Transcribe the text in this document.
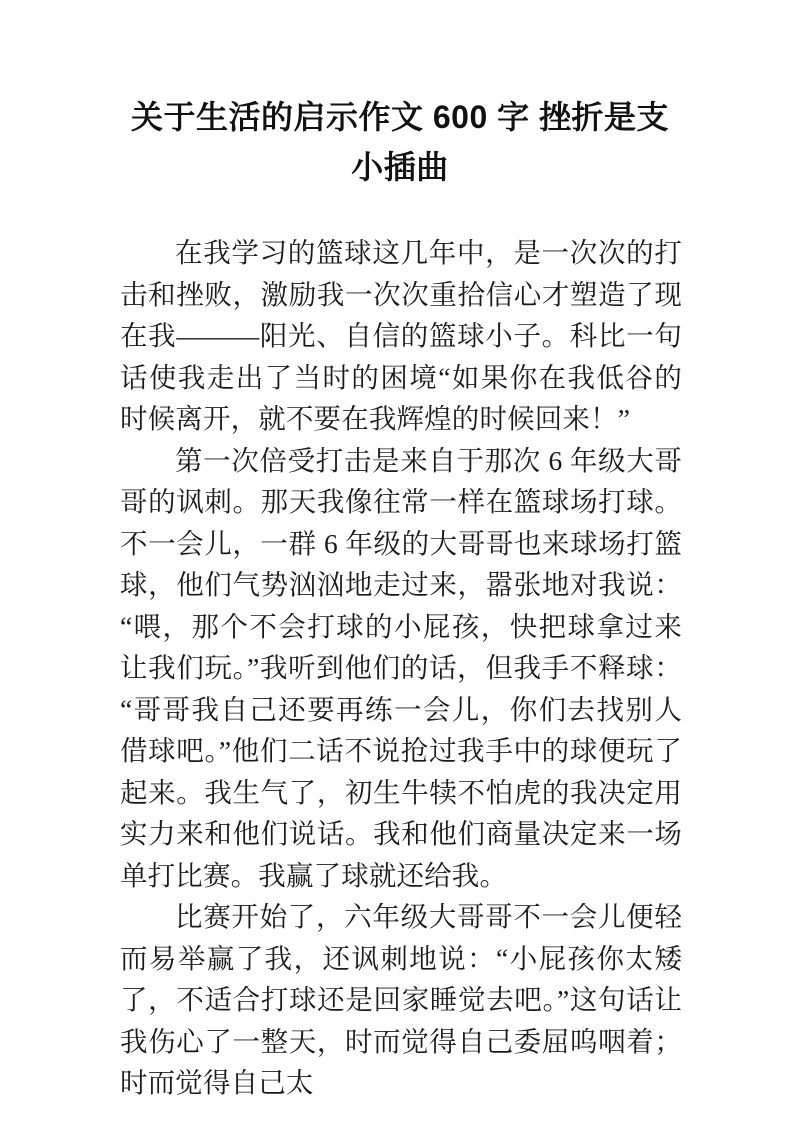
关于生活的启示作文 600 字 挫折是支小插曲

在我学习的篮球这几年中，是一次次的打击和挫败，激励我一次次重拾信心才塑造了现在我———阳光、自信的篮球小子。科比一句话使我走出了当时的困境“如果你在我低谷的时候离开，就不要在我辉煌的时候回来！”

第一次倍受打击是来自于那次 6 年级大哥哥的讽刺。那天我像往常一样在篮球场打球。不一会儿，一群 6 年级的大哥哥也来球场打篮球，他们气势汹汹地走过来，嚣张地对我说：“喂，那个不会打球的小屁孩，快把球拿过来让我们玩。”我听到他们的话，但我手不释球：“哥哥我自己还要再练一会儿，你们去找别人借球吧。”他们二话不说抢过我手中的球便玩了起来。我生气了，初生牛犊不怕虎的我决定用实力来和他们说话。我和他们商量决定来一场单打比赛。我赢了球就还给我。

比赛开始了，六年级大哥哥不一会儿便轻而易举赢了我，还讽刺地说：“小屁孩你太矮了，不适合打球还是回家睡觉去吧。”这句话让我伤心了一整天，时而觉得自己委屈呜咽着；时而觉得自己太
